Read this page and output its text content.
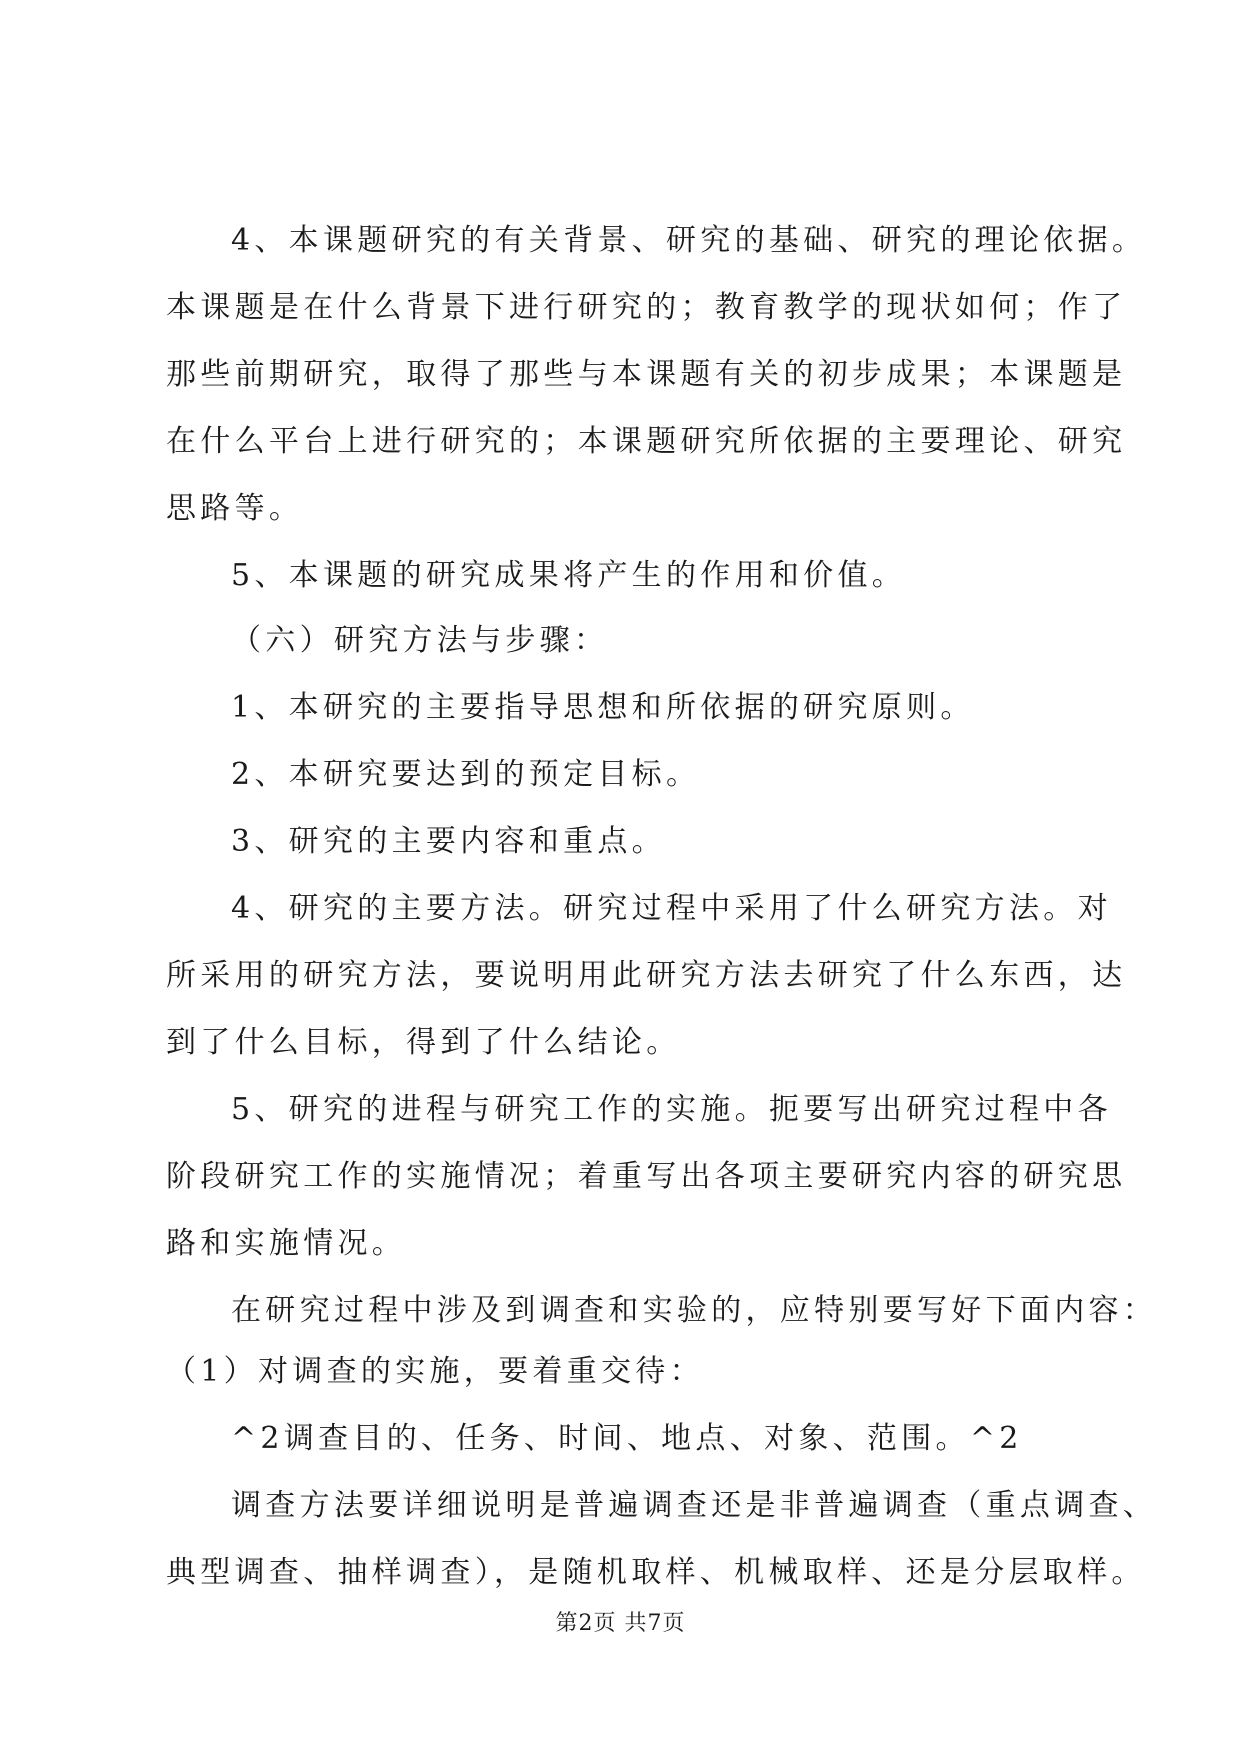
4、本课题研究的有关背景、研究的基础、研究的理论依据。
本课题是在什么背景下进行研究的；教育教学的现状如何；作了
那些前期研究，取得了那些与本课题有关的初步成果；本课题是
在什么平台上进行研究的；本课题研究所依据的主要理论、研究
思路等。
5、本课题的研究成果将产生的作用和价值。
（六）研究方法与步骤：
1、本研究的主要指导思想和所依据的研究原则。
2、本研究要达到的预定目标。
3、研究的主要内容和重点。
4、研究的主要方法。研究过程中采用了什么研究方法。对
所采用的研究方法，要说明用此研究方法去研究了什么东西，达
到了什么目标，得到了什么结论。
5、研究的进程与研究工作的实施。扼要写出研究过程中各
阶段研究工作的实施情况；着重写出各项主要研究内容的研究思
路和实施情况。
在研究过程中涉及到调查和实验的，应特别要写好下面内容：
（1）对调查的实施，要着重交待：
^2调查目的、任务、时间、地点、对象、范围。^2
调查方法要详细说明是普遍调查还是非普遍调查（重点调查、
典型调查、抽样调查），是随机取样、机械取样、还是分层取样。
第2页 共7页
